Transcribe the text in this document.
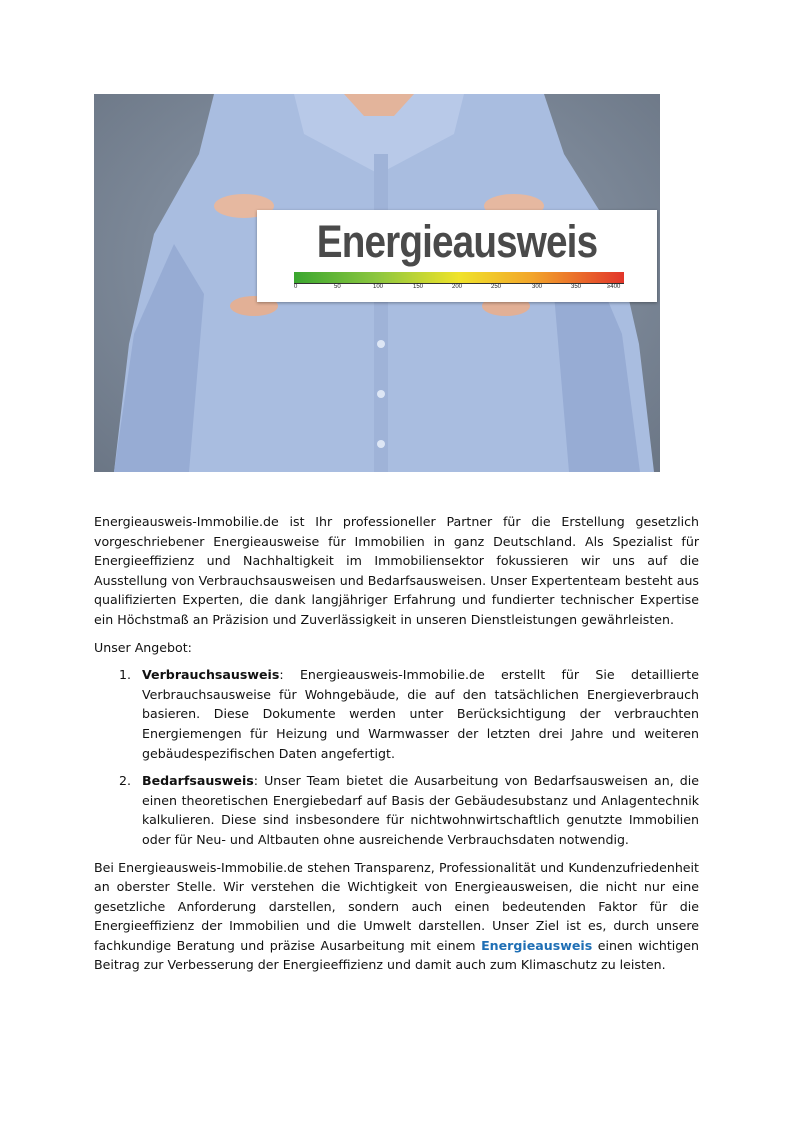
Energieausweis
0	50	100	150	200	250	300	350	≥400

Energieausweis-Immobilie.de ist Ihr professioneller Partner für die Erstellung gesetzlich vorgeschriebener Energieausweise für Immobilien in ganz Deutschland. Als Spezialist für Energieeffizienz und Nachhaltigkeit im Immobiliensektor fokussieren wir uns auf die Ausstellung von Verbrauchsausweisen und Bedarfsausweisen. Unser Expertenteam besteht aus qualifizierten Experten, die dank langjähriger Erfahrung und fundierter technischer Expertise ein Höchstmaß an Präzision und Zuverlässigkeit in unseren Dienstleistungen gewährleisten.

Unser Angebot:

1. Verbrauchsausweis: Energieausweis-Immobilie.de erstellt für Sie detaillierte Verbrauchsausweise für Wohngebäude, die auf den tatsächlichen Energieverbrauch basieren. Diese Dokumente werden unter Berücksichtigung der verbrauchten Energiemengen für Heizung und Warmwasser der letzten drei Jahre und weiteren gebäudespezifischen Daten angefertigt.
2. Bedarfsausweis: Unser Team bietet die Ausarbeitung von Bedarfsausweisen an, die einen theoretischen Energiebedarf auf Basis der Gebäudesubstanz und Anlagentechnik kalkulieren. Diese sind insbesondere für nichtwohnwirtschaftlich genutzte Immobilien oder für Neu- und Altbauten ohne ausreichende Verbrauchsdaten notwendig.

Bei Energieausweis-Immobilie.de stehen Transparenz, Professionalität und Kundenzufriedenheit an oberster Stelle. Wir verstehen die Wichtigkeit von Energieausweisen, die nicht nur eine gesetzliche Anforderung darstellen, sondern auch einen bedeutenden Faktor für die Energieeffizienz der Immobilien und die Umwelt darstellen. Unser Ziel ist es, durch unsere fachkundige Beratung und präzise Ausarbeitung mit einem Energieausweis einen wichtigen Beitrag zur Verbesserung der Energieeffizienz und damit auch zum Klimaschutz zu leisten.
